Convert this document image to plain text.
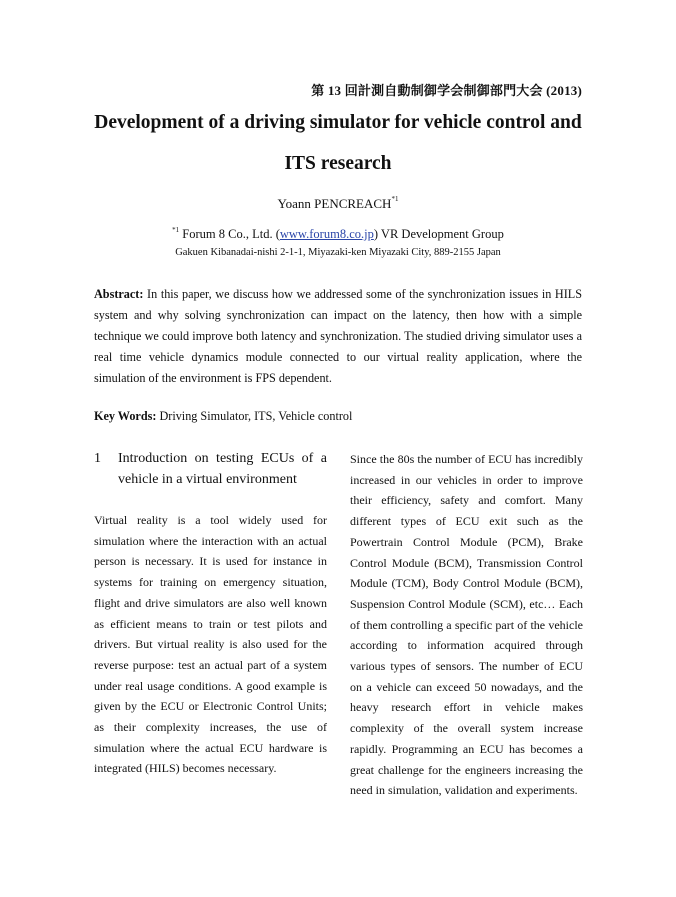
第 13 回計測自動制御学会制御部門大会 (2013)
Development of a driving simulator for vehicle control and
ITS research
Yoann PENCREACH$^{*1}$
$^{*1}$ Forum 8 Co., Ltd. (www.forum8.co.jp) VR Development Group
Gakuen Kibanadai-nishi 2-1-1, Miyazaki-ken Miyazaki City, 889-2155 Japan
Abstract: In this paper, we discuss how we addressed some of the synchronization issues in HILS system and why solving synchronization can impact on the latency, then how with a simple technique we could improve both latency and synchronization. The studied driving simulator uses a real time vehicle dynamics module connected to our virtual reality application, where the simulation of the environment is FPS dependent.
Key Words: Driving Simulator, ITS, Vehicle control
1	Introduction on testing ECUs of a vehicle in a virtual environment

Virtual reality is a tool widely used for simulation where the interaction with an actual person is necessary. It is used for instance in systems for training on emergency situation, flight and drive simulators are also well known as efficient means to train or test pilots and drivers. But virtual reality is also used for the reverse purpose: test an actual part of a system under real usage conditions. A good example is given by the ECU or Electronic Control Units; as their complexity increases, the use of simulation where the actual ECU hardware is integrated (HILS) becomes necessary.

Since the 80s the number of ECU has incredibly increased in our vehicles in order to improve their efficiency, safety and comfort. Many different types of ECU exit such as the Powertrain Control Module (PCM), Brake Control Module (BCM), Transmission Control Module (TCM), Body Control Module (BCM), Suspension Control Module (SCM), etc… Each of them controlling a specific part of the vehicle according to information acquired through various types of sensors. The number of ECU on a vehicle can exceed 50 nowadays, and the heavy research effort in vehicle makes complexity of the overall system increase rapidly. Programming an ECU has becomes a great challenge for the engineers increasing the need in simulation, validation and experiments.
